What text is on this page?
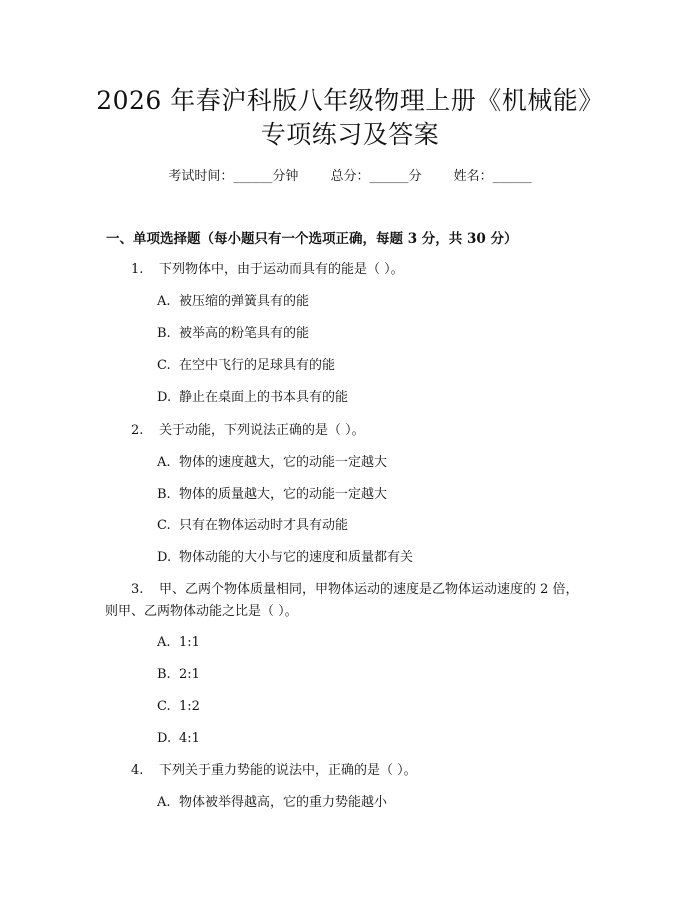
2026 年春沪科版八年级物理上册《机械能》
专项练习及答案
考试时间：______分钟 总分：______分 姓名：______
一、单项选择题（每小题只有一个选项正确，每题 3 分，共 30 分）
1. 下列物体中，由于运动而具有的能是（ ）。
A. 被压缩的弹簧具有的能
B. 被举高的粉笔具有的能
C. 在空中飞行的足球具有的能
D. 静止在桌面上的书本具有的能
2. 关于动能，下列说法正确的是（ ）。
A. 物体的速度越大，它的动能一定越大
B. 物体的质量越大，它的动能一定越大
C. 只有在物体运动时才具有动能
D. 物体动能的大小与它的速度和质量都有关
3. 甲、乙两个物体质量相同，甲物体运动的速度是乙物体运动速度的 2 倍，
则甲、乙两物体动能之比是（ ）。
A. 1:1
B. 2:1
C. 1:2
D. 4:1
4. 下列关于重力势能的说法中，正确的是（ ）。
A. 物体被举得越高，它的重力势能越小
